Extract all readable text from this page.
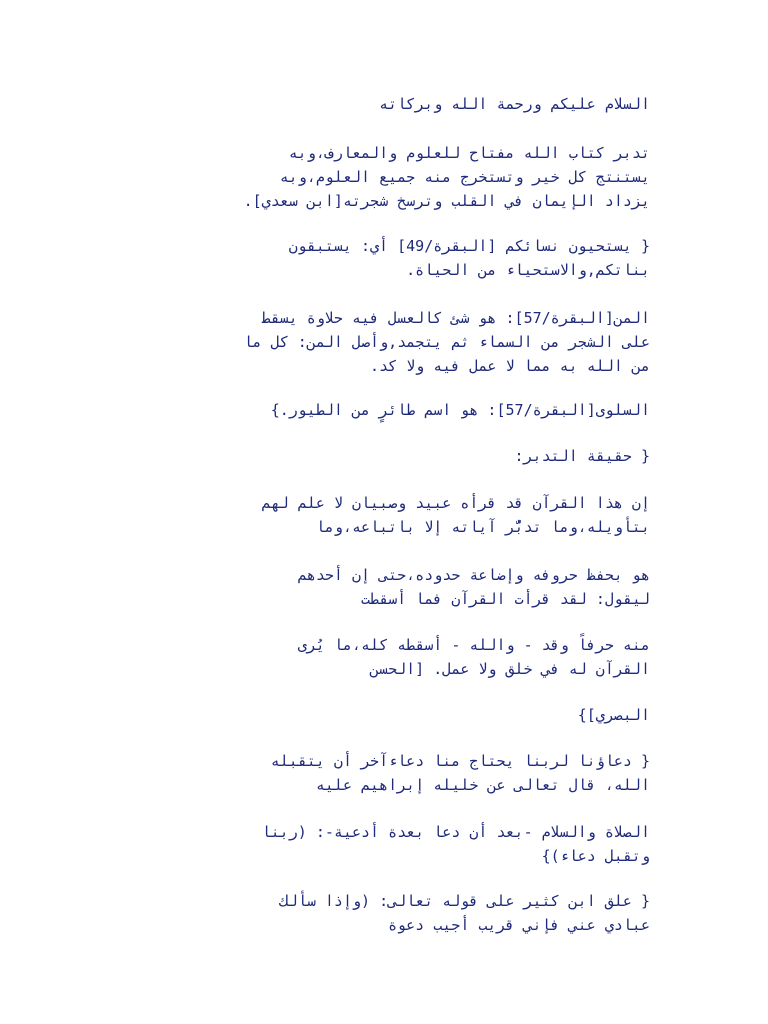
السلام عليكم ورحمة الله وبركاته
تدبر كتاب الله مفتاح للعلوم والمعارف،وبه
يستنتج كل خير وتستخرج منه جميع العلوم،وبه
يزداد الإيمان في القلب وترسخ شجرته[ابن سعدي].
{ يستحيون نسائكم [البقرة/49] أي: يستبقون
بناتكم,والاستحياء من الحياة.
المن[البقرة/57]: هو شئ كالعسل فيه حلاوة يسقط
على الشجر من السماء ثم يتجمد,وأصل المن: كل ما
من الله به مما لا عمل فيه ولا كد.
السلوى[البقرة/57]: هو اسم طائرٍ من الطيور.}
{ حقيقة التدبر:
إن هذا القرآن قد قرأه عبيد وصبيان لا علم لهم
بتأويله،وما تدبُّر آياته إلا باتباعه،وما
هو بحفظ حروفه وإضاعة حدوده،حتى إن أحدهم
ليقول: لقد قرأت القرآن فما أسقطت
منه حرفاً وقد - والله - أسقطه كله،ما يُرى
القرآن له في خلق ولا عمل. [الحسن
البصري]}
{ دعاؤنا لربنا يحتاج منا دعاءآخر أن يتقبله
الله، قال تعالى عن خليله إبراهيم عليه
الصلاة والسلام -بعد أن دعا بعدة أدعية-: (ربنا
وتقبل دعاء)}
{ علق ابن كثير على قوله تعالى: (وإذا سألك
عبادي عني فإني قريب أجيب دعوة
